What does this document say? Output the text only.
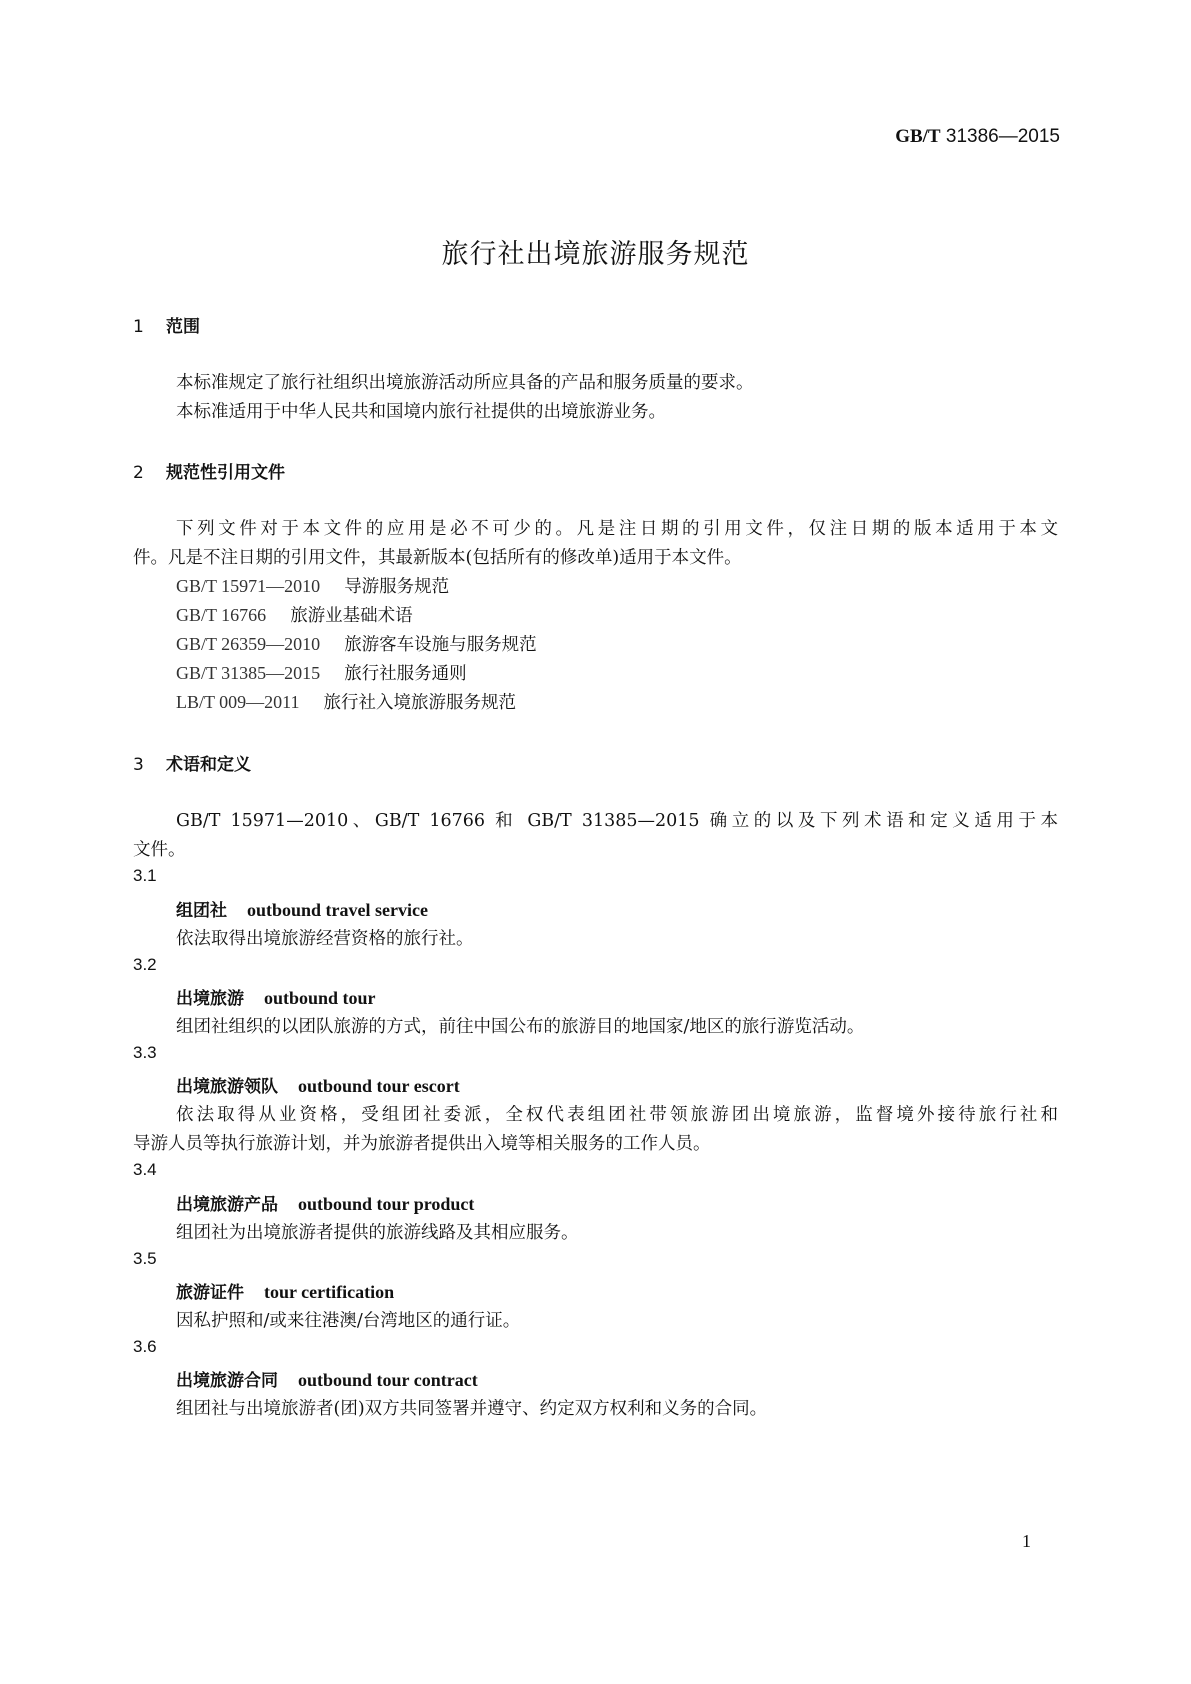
GB/T 31386—2015
旅行社出境旅游服务规范
1 范围
本标准规定了旅行社组织出境旅游活动所应具备的产品和服务质量的要求。
本标准适用于中华人民共和国境内旅行社提供的出境旅游业务。
2 规范性引用文件
下列文件对于本文件的应用是必不可少的。凡是注日期的引用文件，仅注日期的版本适用于本文
件。凡是不注日期的引用文件，其最新版本(包括所有的修改单)适用于本文件。
GB/T 15971—2010 导游服务规范
GB/T 16766 旅游业基础术语
GB/T 26359—2010 旅游客车设施与服务规范
GB/T 31385—2015 旅行社服务通则
LB/T 009—2011 旅行社入境旅游服务规范
3 术语和定义
GB/T 15971—2010、GB/T 16766 和 GB/T 31385—2015 确立的以及下列术语和定义适用于本
文件。
3.1
组团社 outbound travel service
依法取得出境旅游经营资格的旅行社。
3.2
出境旅游 outbound tour
组团社组织的以团队旅游的方式，前往中国公布的旅游目的地国家/地区的旅行游览活动。
3.3
出境旅游领队 outbound tour escort
依法取得从业资格，受组团社委派，全权代表组团社带领旅游团出境旅游，监督境外接待旅行社和
导游人员等执行旅游计划，并为旅游者提供出入境等相关服务的工作人员。
3.4
出境旅游产品 outbound tour product
组团社为出境旅游者提供的旅游线路及其相应服务。
3.5
旅游证件 tour certification
因私护照和/或来往港澳/台湾地区的通行证。
3.6
出境旅游合同 outbound tour contract
组团社与出境旅游者(团)双方共同签署并遵守、约定双方权利和义务的合同。
1
